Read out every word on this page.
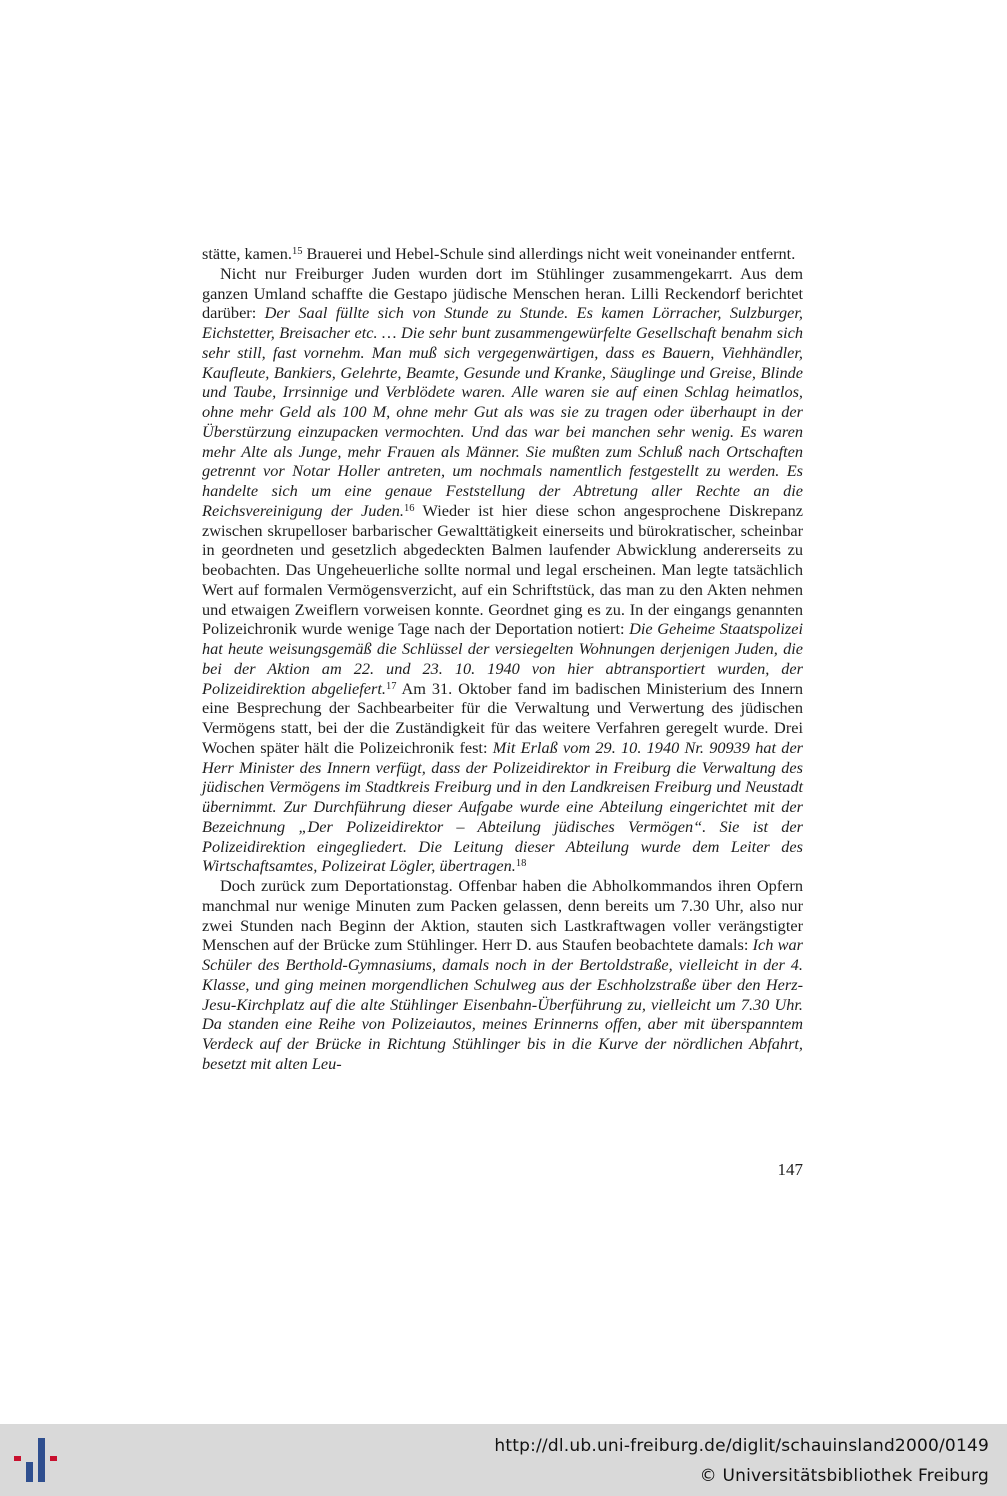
stätte, kamen.$^{15}$ Brauerei und Hebel-Schule sind allerdings nicht weit voneinander entfernt.

Nicht nur Freiburger Juden wurden dort im Stühlinger zusammengekarrt. Aus dem ganzen Umland schaffte die Gestapo jüdische Menschen heran. Lilli Reckendorf berichtet darüber: Der Saal füllte sich von Stunde zu Stunde. Es kamen Lörracher, Sulzburger, Eichstetter, Breisacher etc. … Die sehr bunt zusammengewürfelte Gesellschaft benahm sich sehr still, fast vornehm. Man muß sich vergegenwärtigen, dass es Bauern, Viehhändler, Kaufleute, Bankiers, Gelehrte, Beamte, Gesunde und Kranke, Säuglinge und Greise, Blinde und Taube, Irrsinnige und Verblödete waren. Alle waren sie auf einen Schlag heimatlos, ohne mehr Geld als 100 M, ohne mehr Gut als was sie zu tragen oder überhaupt in der Überstürzung einzupacken vermochten. Und das war bei manchen sehr wenig. Es waren mehr Alte als Junge, mehr Frauen als Männer. Sie mußten zum Schluß nach Ortschaften getrennt vor Notar Holler antreten, um nochmals namentlich festgestellt zu werden. Es handelte sich um eine genaue Feststellung der Abtretung aller Rechte an die Reichsvereinigung der Juden.$^{16}$ Wieder ist hier diese schon angesprochene Diskrepanz zwischen skrupelloser barbarischer Gewalttätigkeit einerseits und bürokratischer, scheinbar in geordneten und gesetzlich abgedeckten Balmen laufender Abwicklung andererseits zu beobachten. Das Ungeheuerliche sollte normal und legal erscheinen. Man legte tatsächlich Wert auf formalen Vermögensverzicht, auf ein Schriftstück, das man zu den Akten nehmen und etwaigen Zweiflern vorweisen konnte. Geordnet ging es zu. In der eingangs genannten Polizeichronik wurde wenige Tage nach der Deportation notiert: Die Geheime Staatspolizei hat heute weisungsgemäß die Schlüssel der versiegelten Wohnungen derjenigen Juden, die bei der Aktion am 22. und 23. 10. 1940 von hier abtransportiert wurden, der Polizeidirektion abgeliefert.$^{17}$ Am 31. Oktober fand im badischen Ministerium des Innern eine Besprechung der Sachbearbeiter für die Verwaltung und Verwertung des jüdischen Vermögens statt, bei der die Zuständigkeit für das weitere Verfahren geregelt wurde. Drei Wochen später hält die Polizeichronik fest: Mit Erlaß vom 29. 10. 1940 Nr. 90939 hat der Herr Minister des Innern verfügt, dass der Polizeidirektor in Freiburg die Verwaltung des jüdischen Vermögens im Stadtkreis Freiburg und in den Landkreisen Freiburg und Neustadt übernimmt. Zur Durchführung dieser Aufgabe wurde eine Abteilung eingerichtet mit der Bezeichnung „Der Polizeidirektor – Abteilung jüdisches Vermögen“. Sie ist der Polizeidirektion eingegliedert. Die Leitung dieser Abteilung wurde dem Leiter des Wirtschaftsamtes, Polizeirat Lögler, übertragen.$^{18}$

Doch zurück zum Deportationstag. Offenbar haben die Abholkommandos ihren Opfern manchmal nur wenige Minuten zum Packen gelassen, denn bereits um 7.30 Uhr, also nur zwei Stunden nach Beginn der Aktion, stauten sich Lastkraftwagen voller verängstigter Menschen auf der Brücke zum Stühlinger. Herr D. aus Staufen beobachtete damals: Ich war Schüler des Berthold-Gymnasiums, damals noch in der Bertoldstraße, vielleicht in der 4. Klasse, und ging meinen morgendlichen Schulweg aus der Eschholzstraße über den Herz-Jesu-Kirchplatz auf die alte Stühlinger Eisenbahn-Überführung zu, vielleicht um 7.30 Uhr. Da standen eine Reihe von Polizeiautos, meines Erinnerns offen, aber mit überspanntem Verdeck auf der Brücke in Richtung Stühlinger bis in die Kurve der nördlichen Abfahrt, besetzt mit alten Leu-

147
http://dl.ub.uni-freiburg.de/diglit/schauinsland2000/0149
© Universitätsbibliothek Freiburg
